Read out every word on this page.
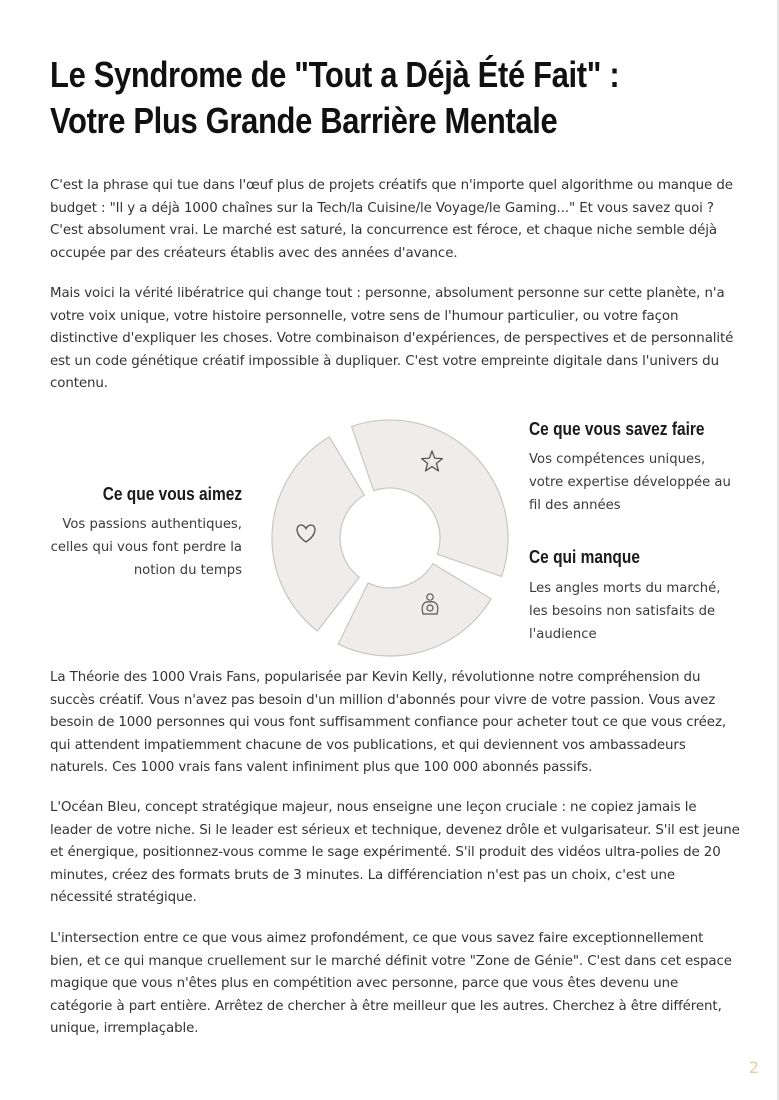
Le Syndrome de "Tout a Déjà Été Fait" : Votre Plus Grande Barrière Mentale

C'est la phrase qui tue dans l'œuf plus de projets créatifs que n'importe quel algorithme ou manque de budget : "Il y a déjà 1000 chaînes sur la Tech/la Cuisine/le Voyage/le Gaming..." Et vous savez quoi ? C'est absolument vrai. Le marché est saturé, la concurrence est féroce, et chaque niche semble déjà occupée par des créateurs établis avec des années d'avance.

Mais voici la vérité libératrice qui change tout : personne, absolument personne sur cette planète, n'a votre voix unique, votre histoire personnelle, votre sens de l'humour particulier, ou votre façon distinctive d'expliquer les choses. Votre combinaison d'expériences, de perspectives et de personnalité est un code génétique créatif impossible à dupliquer. C'est votre empreinte digitale dans l'univers du contenu.

Ce que vous aimez

Vos passions authentiques, celles qui vous font perdre la notion du temps

Ce que vous savez faire

Vos compétences uniques, votre expertise développée au fil des années

Ce qui manque

Les angles morts du marché, les besoins non satisfaits de l'audience

La Théorie des 1000 Vrais Fans, popularisée par Kevin Kelly, révolutionne notre compréhension du succès créatif. Vous n'avez pas besoin d'un million d'abonnés pour vivre de votre passion. Vous avez besoin de 1000 personnes qui vous font suffisamment confiance pour acheter tout ce que vous créez, qui attendent impatiemment chacune de vos publications, et qui deviennent vos ambassadeurs naturels. Ces 1000 vrais fans valent infiniment plus que 100 000 abonnés passifs.

L'Océan Bleu, concept stratégique majeur, nous enseigne une leçon cruciale : ne copiez jamais le leader de votre niche. Si le leader est sérieux et technique, devenez drôle et vulgarisateur. S'il est jeune et énergique, positionnez-vous comme le sage expérimenté. S'il produit des vidéos ultra-polies de 20 minutes, créez des formats bruts de 3 minutes. La différenciation n'est pas un choix, c'est une nécessité stratégique.

L'intersection entre ce que vous aimez profondément, ce que vous savez faire exceptionnellement bien, et ce qui manque cruellement sur le marché définit votre "Zone de Génie". C'est dans cet espace magique que vous n'êtes plus en compétition avec personne, parce que vous êtes devenu une catégorie à part entière. Arrêtez de chercher à être meilleur que les autres. Cherchez à être différent, unique, irremplaçable.

2
